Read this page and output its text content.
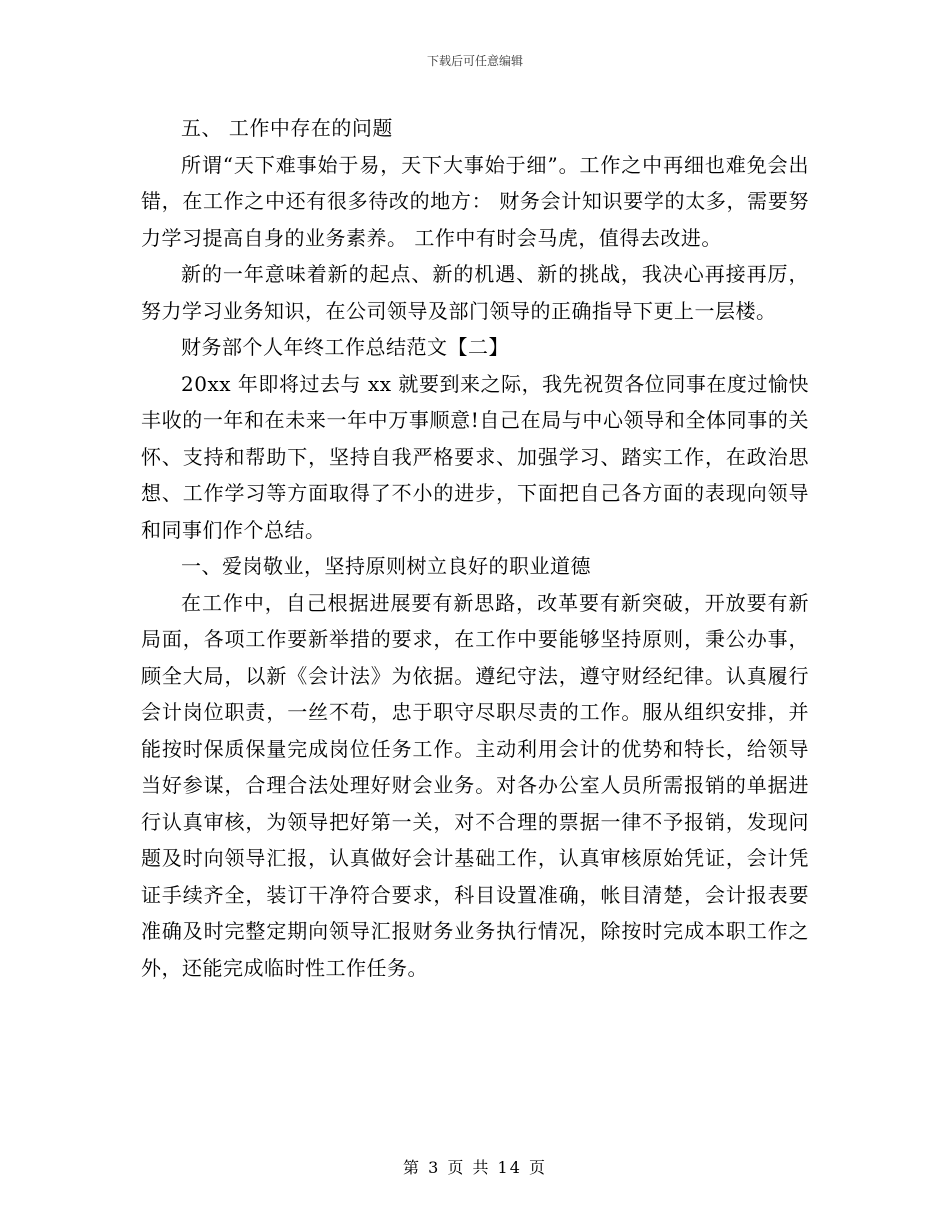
下载后可任意编辑

五、 工作中存在的问题

所谓“天下难事始于易，天下大事始于细”。工作之中再细也难免会出错，在工作之中还有很多待改的地方： 财务会计知识要学的太多，需要努力学习提高自身的业务素养。 工作中有时会马虎，值得去改进。

新的一年意味着新的起点、新的机遇、新的挑战，我决心再接再厉，努力学习业务知识，在公司领导及部门领导的正确指导下更上一层楼。

财务部个人年终工作总结范文【二】

20xx 年即将过去与 xx 就要到来之际，我先祝贺各位同事在度过愉快丰收的一年和在未来一年中万事顺意!自己在局与中心领导和全体同事的关怀、支持和帮助下，坚持自我严格要求、加强学习、踏实工作，在政治思想、工作学习等方面取得了不小的进步，下面把自己各方面的表现向领导和同事们作个总结。

一、爱岗敬业，坚持原则树立良好的职业道德

在工作中，自己根据进展要有新思路，改革要有新突破，开放要有新局面，各项工作要新举措的要求，在工作中要能够坚持原则，秉公办事，顾全大局，以新《会计法》为依据。遵纪守法，遵守财经纪律。认真履行会计岗位职责，一丝不苟，忠于职守尽职尽责的工作。服从组织安排，并能按时保质保量完成岗位任务工作。主动利用会计的优势和特长，给领导当好参谋，合理合法处理好财会业务。对各办公室人员所需报销的单据进行认真审核，为领导把好第一关，对不合理的票据一律不予报销，发现问题及时向领导汇报，认真做好会计基础工作，认真审核原始凭证，会计凭证手续齐全，装订干净符合要求，科目设置准确，帐目清楚，会计报表要准确及时完整定期向领导汇报财务业务执行情况，除按时完成本职工作之外，还能完成临时性工作任务。

第 3 页 共 14 页
